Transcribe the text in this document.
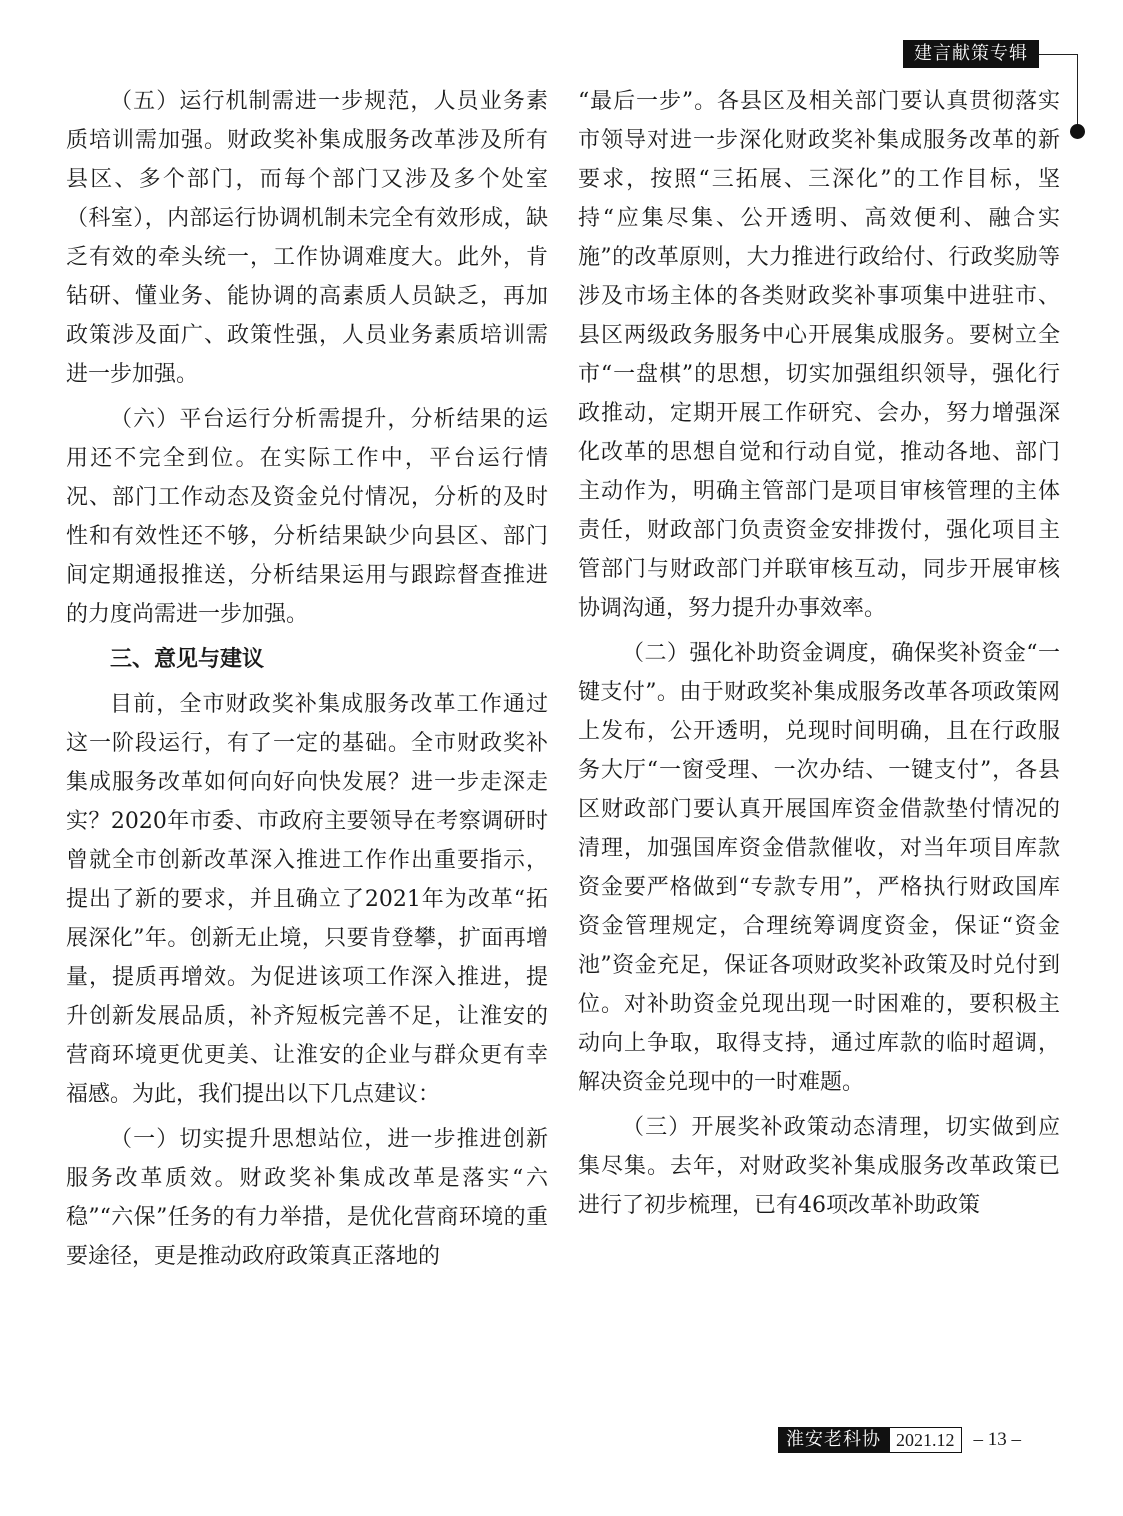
建言献策专辑

（五）运行机制需进一步规范，人员业务素质培训需加强。财政奖补集成服务改革涉及所有县区、多个部门，而每个部门又涉及多个处室（科室），内部运行协调机制未完全有效形成，缺乏有效的牵头统一，工作协调难度大。此外，肯钻研、懂业务、能协调的高素质人员缺乏，再加政策涉及面广、政策性强，人员业务素质培训需进一步加强。

（六）平台运行分析需提升，分析结果的运用还不完全到位。在实际工作中，平台运行情况、部门工作动态及资金兑付情况，分析的及时性和有效性还不够，分析结果缺少向县区、部门间定期通报推送，分析结果运用与跟踪督查推进的力度尚需进一步加强。

三、意见与建议

目前，全市财政奖补集成服务改革工作通过这一阶段运行，有了一定的基础。全市财政奖补集成服务改革如何向好向快发展？进一步走深走实？2020年市委、市政府主要领导在考察调研时曾就全市创新改革深入推进工作作出重要指示，提出了新的要求，并且确立了2021年为改革“拓展深化”年。创新无止境，只要肯登攀，扩面再增量，提质再增效。为促进该项工作深入推进，提升创新发展品质，补齐短板完善不足，让淮安的营商环境更优更美、让淮安的企业与群众更有幸福感。为此，我们提出以下几点建议：

（一）切实提升思想站位，进一步推进创新服务改革质效。财政奖补集成改革是落实“六稳”“六保”任务的有力举措，是优化营商环境的重要途径，更是推动政府政策真正落地的

“最后一步”。各县区及相关部门要认真贯彻落实市领导对进一步深化财政奖补集成服务改革的新要求，按照“三拓展、三深化”的工作目标，坚持“应集尽集、公开透明、高效便利、融合实施”的改革原则，大力推进行政给付、行政奖励等涉及市场主体的各类财政奖补事项集中进驻市、县区两级政务服务中心开展集成服务。要树立全市“一盘棋”的思想，切实加强组织领导，强化行政推动，定期开展工作研究、会办，努力增强深化改革的思想自觉和行动自觉，推动各地、部门主动作为，明确主管部门是项目审核管理的主体责任，财政部门负责资金安排拨付，强化项目主管部门与财政部门并联审核互动，同步开展审核协调沟通，努力提升办事效率。

（二）强化补助资金调度，确保奖补资金“一键支付”。由于财政奖补集成服务改革各项政策网上发布，公开透明，兑现时间明确，且在行政服务大厅“一窗受理、一次办结、一键支付”，各县区财政部门要认真开展国库资金借款垫付情况的清理，加强国库资金借款催收，对当年项目库款资金要严格做到“专款专用”，严格执行财政国库资金管理规定，合理统筹调度资金，保证“资金池”资金充足，保证各项财政奖补政策及时兑付到位。对补助资金兑现出现一时困难的，要积极主动向上争取，取得支持，通过库款的临时超调，解决资金兑现中的一时难题。

（三）开展奖补政策动态清理，切实做到应集尽集。去年，对财政奖补集成服务改革政策已进行了初步梳理，已有46项改革补助政策

淮安老科协 2021.12	– 13 –
